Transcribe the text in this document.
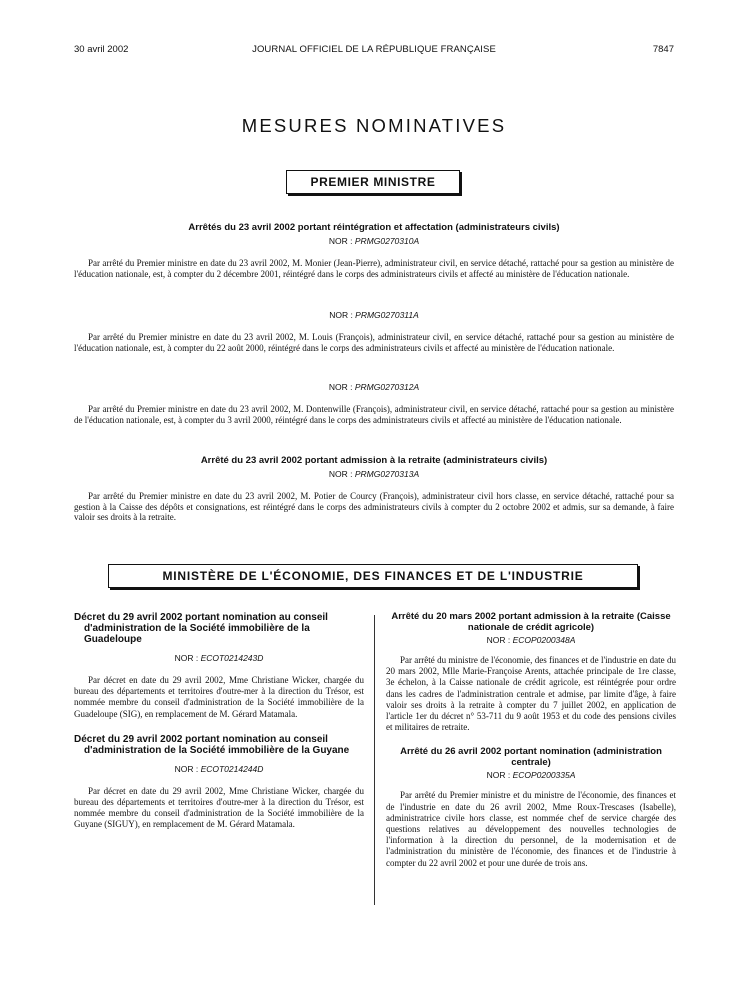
30 avril 2002	JOURNAL OFFICIEL DE LA RÉPUBLIQUE FRANÇAISE	7847
MESURES NOMINATIVES
PREMIER MINISTRE
Arrêtés du 23 avril 2002 portant réintégration et affectation (administrateurs civils)
NOR : PRMG0270310A

Par arrêté du Premier ministre en date du 23 avril 2002, M. Monier (Jean-Pierre), administrateur civil, en service détaché, rattaché pour sa gestion au ministère de l'éducation nationale, est, à compter du 2 décembre 2001, réintégré dans le corps des administrateurs civils et affecté au ministère de l'éducation nationale.

NOR : PRMG0270311A

Par arrêté du Premier ministre en date du 23 avril 2002, M. Louis (François), administrateur civil, en service détaché, rattaché pour sa gestion au ministère de l'éducation nationale, est, à compter du 22 août 2000, réintégré dans le corps des administrateurs civils et affecté au ministère de l'éducation nationale.

NOR : PRMG0270312A

Par arrêté du Premier ministre en date du 23 avril 2002, M. Dontenwille (François), administrateur civil, en service détaché, rattaché pour sa gestion au ministère de l'éducation nationale, est, à compter du 3 avril 2000, réintégré dans le corps des administrateurs civils et affecté au ministère de l'éducation nationale.

Arrêté du 23 avril 2002 portant admission à la retraite (administrateurs civils)
NOR : PRMG0270313A

Par arrêté du Premier ministre en date du 23 avril 2002, M. Potier de Courcy (François), administrateur civil hors classe, en service détaché, rattaché pour sa gestion à la Caisse des dépôts et consignations, est réintégré dans le corps des administrateurs civils à compter du 2 octobre 2002 et admis, sur sa demande, à faire valoir ses droits à la retraite.

MINISTÈRE DE L'ÉCONOMIE, DES FINANCES ET DE L'INDUSTRIE

Décret du 29 avril 2002 portant nomination au conseil d'administration de la Société immobilière de la Guadeloupe

NOR : ECOT0214243D

Par décret en date du 29 avril 2002, Mme Christiane Wicker, chargée du bureau des départements et territoires d'outre-mer à la direction du Trésor, est nommée membre du conseil d'administration de la Société immobilière de la Guadeloupe (SIG), en remplacement de M. Gérard Matamala.

Décret du 29 avril 2002 portant nomination au conseil d'administration de la Société immobilière de la Guyane

NOR : ECOT0214244D

Par décret en date du 29 avril 2002, Mme Christiane Wicker, chargée du bureau des départements et territoires d'outre-mer à la direction du Trésor, est nommée membre du conseil d'administration de la Société immobilière de la Guyane (SIGUY), en remplacement de M. Gérard Matamala.

Arrêté du 20 mars 2002 portant admission à la retraite (Caisse nationale de crédit agricole)

NOR : ECOP0200348A

Par arrêté du ministre de l'économie, des finances et de l'industrie en date du 20 mars 2002, Mlle Marie-Françoise Arents, attachée principale de 1re classe, 3e échelon, à la Caisse nationale de crédit agricole, est réintégrée pour ordre dans les cadres de l'administration centrale et admise, par limite d'âge, à faire valoir ses droits à la retraite à compter du 7 juillet 2002, en application de l'article 1er du décret n° 53-711 du 9 août 1953 et du code des pensions civiles et militaires de retraite.

Arrêté du 26 avril 2002 portant nomination (administration centrale)

NOR : ECOP0200335A

Par arrêté du Premier ministre et du ministre de l'économie, des finances et de l'industrie en date du 26 avril 2002, Mme Roux-Trescases (Isabelle), administratrice civile hors classe, est nommée chef de service chargée des questions relatives au développement des nouvelles technologies de l'information à la direction du personnel, de la modernisation et de l'administration du ministère de l'économie, des finances et de l'industrie à compter du 22 avril 2002 et pour une durée de trois ans.
